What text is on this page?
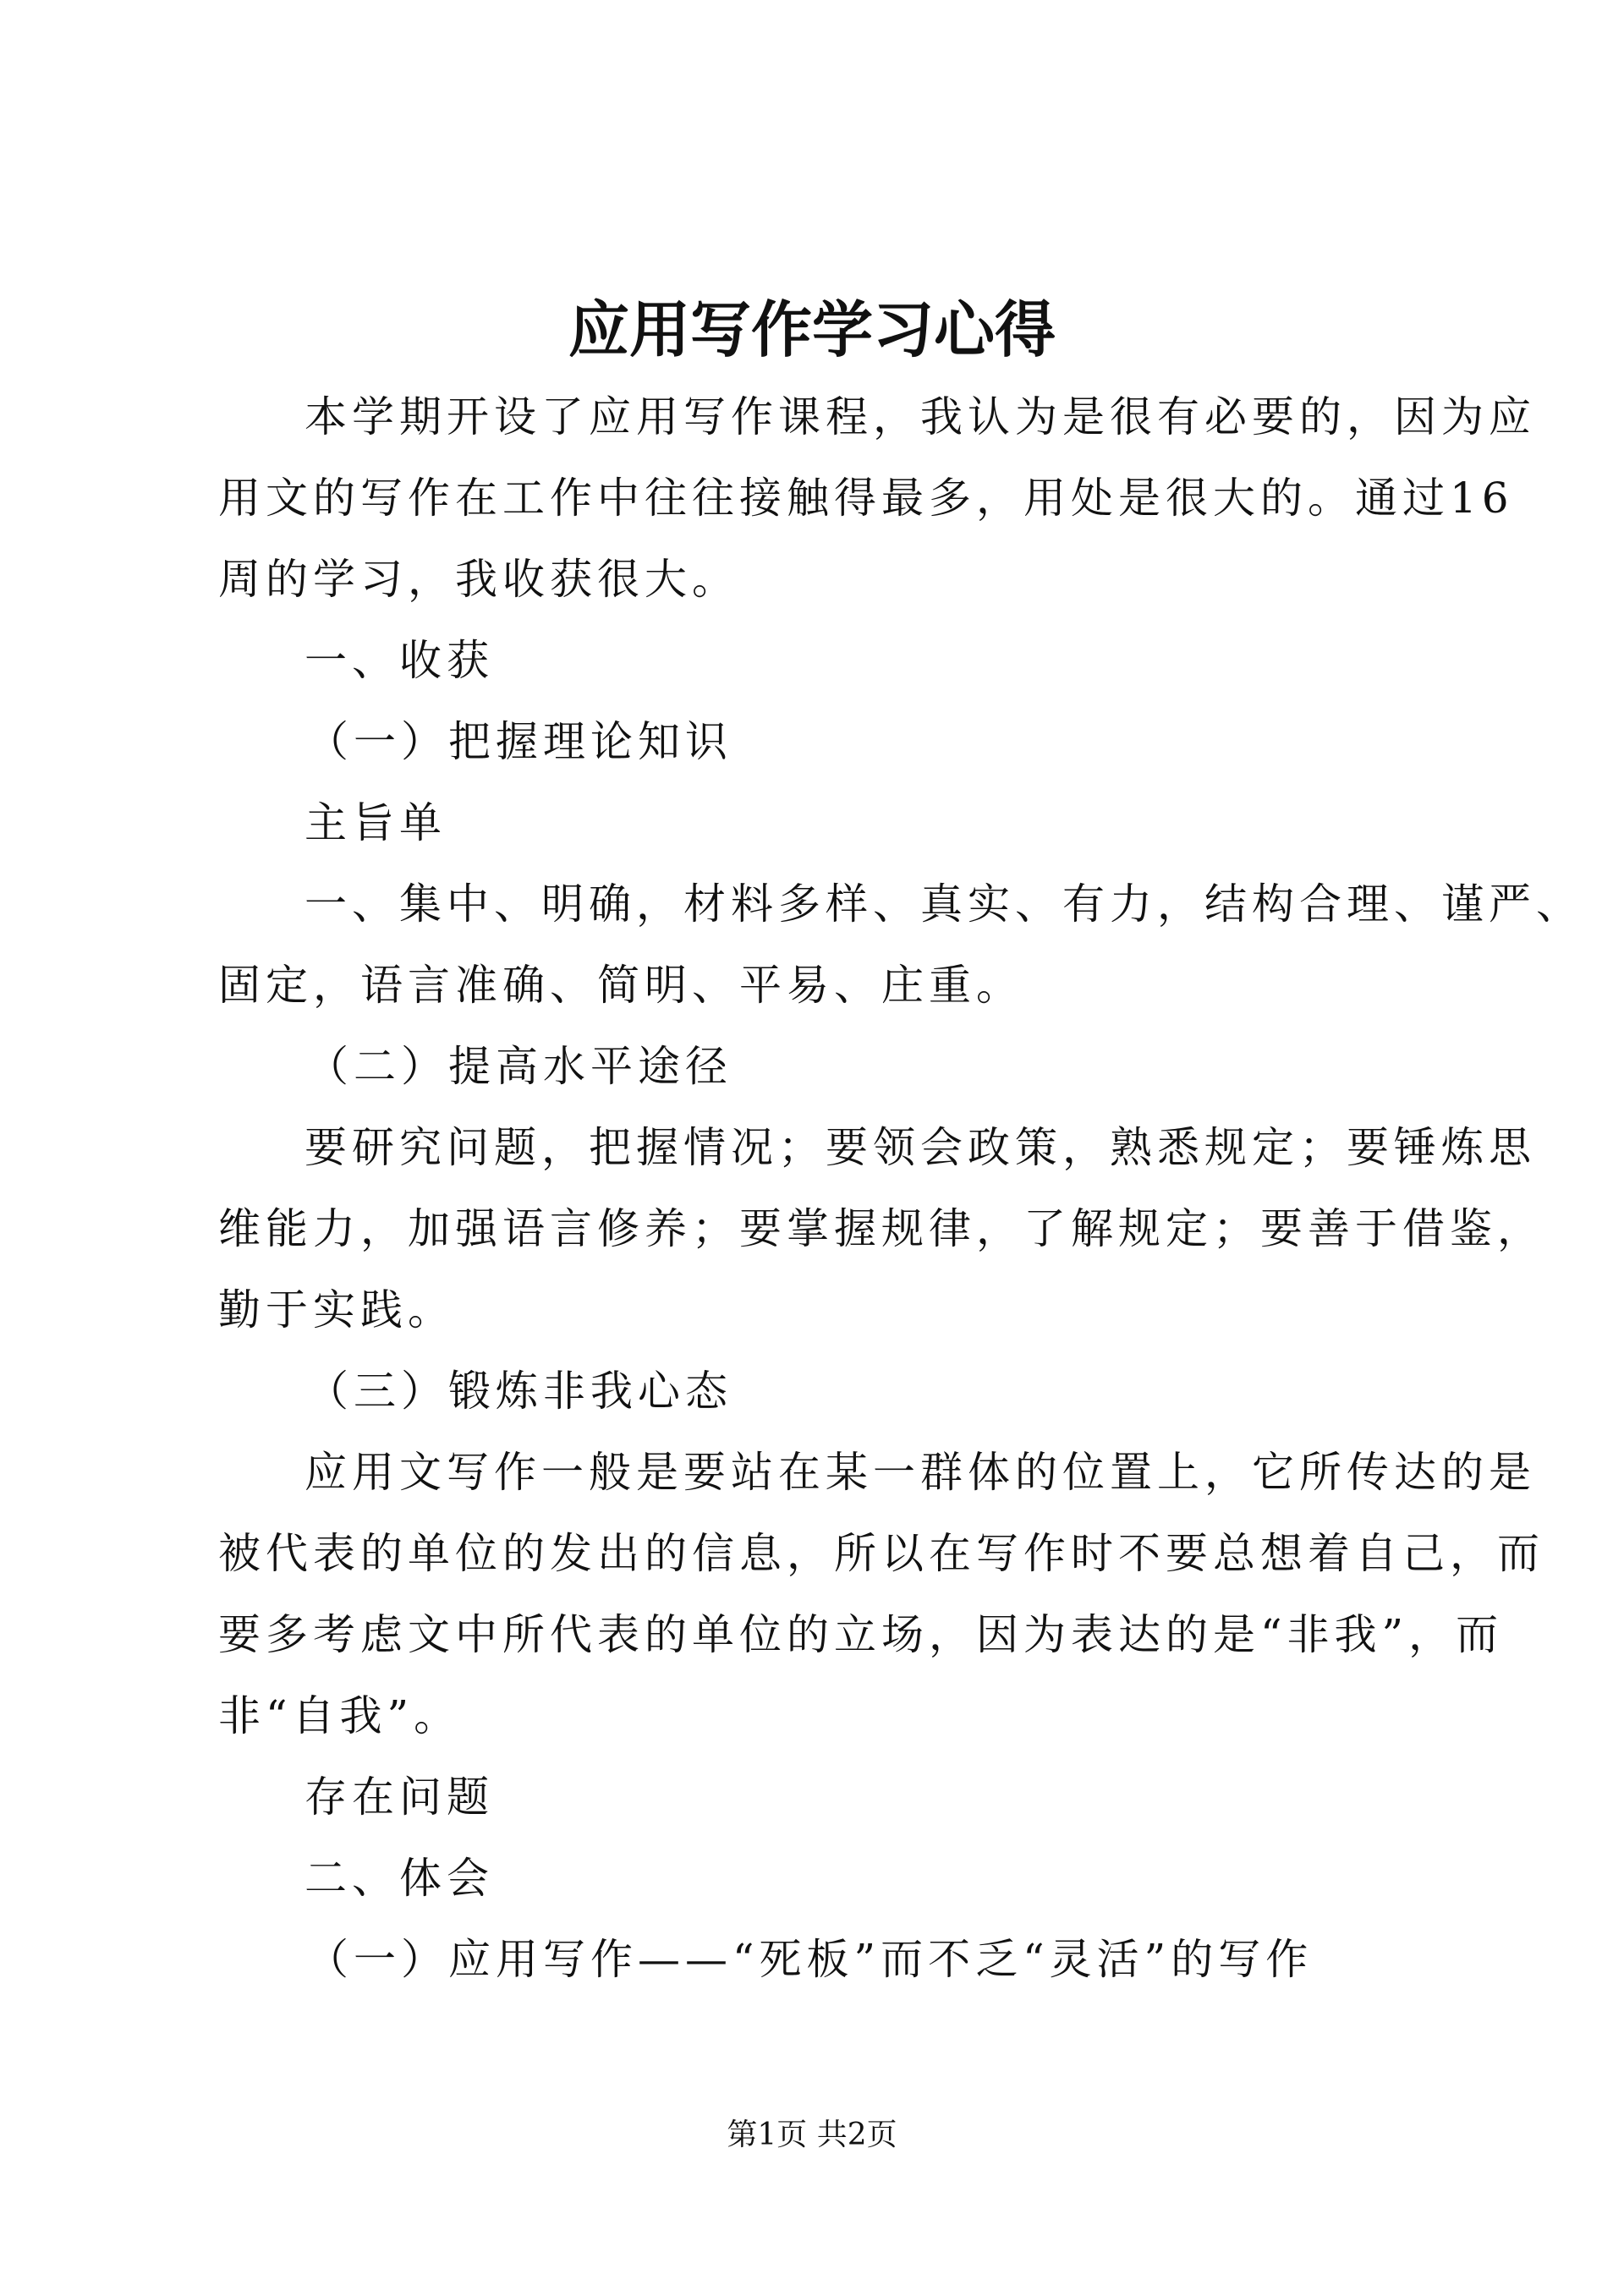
应用写作学习心得
本学期开设了应用写作课程，我认为是很有必要的，因为应
用文的写作在工作中往往接触得最多，用处是很大的。通过16
周的学习，我收获很大。
一、收获
（一）把握理论知识
主旨单
一、集中、明确，材料多样、真实、有力，结构合理、谨严、
固定，语言准确、简明、平易、庄重。
（二）提高水平途径
要研究问题，把握情况；要领会政策，熟悉规定；要锤炼思
维能力，加强语言修养；要掌握规律，了解规定；要善于借鉴，
勤于实践。
（三）锻炼非我心态
应用文写作一般是要站在某一群体的位置上，它所传达的是
被代表的单位的发出的信息，所以在写作时不要总想着自己，而
要多考虑文中所代表的单位的立场，因为表达的是“非我”，而
非“自我”。
存在问题
二、体会
（一）应用写作——“死板”而不乏“灵活”的写作
第1页 共2页
